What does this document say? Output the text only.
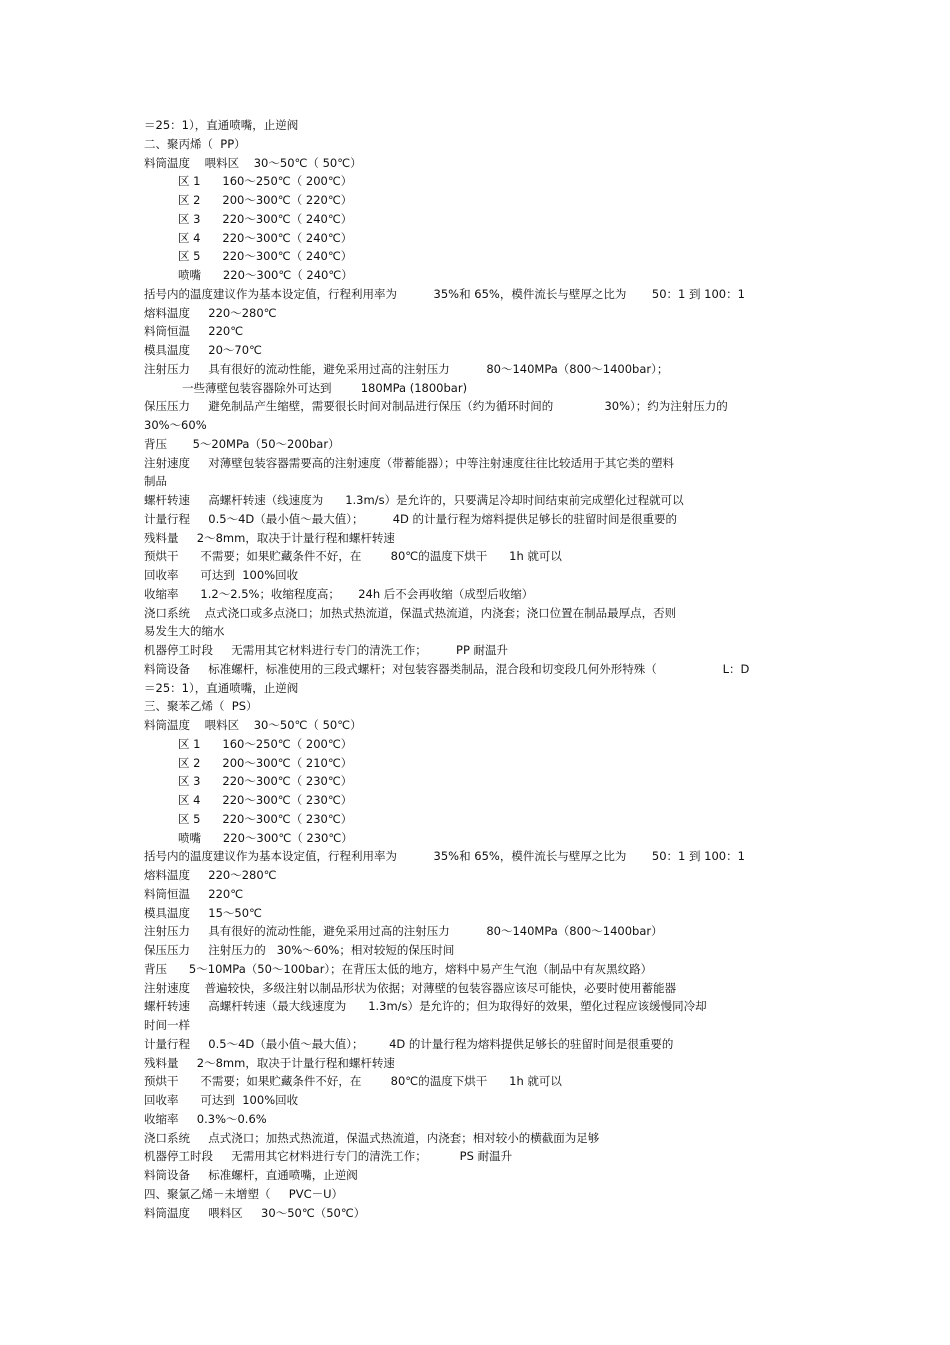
＝25：1），直通喷嘴，止逆阀

二、聚丙烯（  PP）

料筒温度    喂料区    30～50℃（ 50℃）

区 1      160～250℃（ 200℃）

区 2      200～300℃（ 220℃）

区 3      220～300℃（ 240℃）

区 4      220～300℃（ 240℃）

区 5      220～300℃（ 240℃）

喷嘴      220～300℃（ 240℃）

括号内的温度建议作为基本设定值，行程利用率为          35%和 65%，模件流长与壁厚之比为       50：1 到 100：1

熔料温度     220～280℃

料筒恒温     220℃

模具温度     20～70℃

注射压力     具有很好的流动性能，避免采用过高的注射压力          80～140MPa（800～1400bar）；

一些薄壁包装容器除外可达到        180MPa (1800bar)

保压压力     避免制品产生缩壁，需要很长时间对制品进行保压（约为循环时间的              30%）；约为注射压力的

30%～60%

背压       5～20MPa（50～200bar）

注射速度     对薄壁包装容器需要高的注射速度（带蓄能器）；中等注射速度往往比较适用于其它类的塑料

制品

螺杆转速     高螺杆转速（线速度为      1.3m/s）是允许的，只要满足冷却时间结束前完成塑化过程就可以

计量行程     0.5～4D（最小值～最大值）；        4D 的计量行程为熔料提供足够长的驻留时间是很重要的

残料量     2～8mm，取决于计量行程和螺杆转速

预烘干      不需要；如果贮藏条件不好，在        80℃的温度下烘干      1h 就可以

回收率      可达到  100%回收

收缩率      1.2～2.5%；收缩程度高；     24h 后不会再收缩（成型后收缩）

浇口系统    点式浇口或多点浇口；加热式热流道，保温式热流道，内浇套；浇口位置在制品最厚点，否则

易发生大的缩水

机器停工时段     无需用其它材料进行专门的清洗工作；        PP 耐温升

料筒设备     标准螺杆，标准使用的三段式螺杆；对包装容器类制品，混合段和切变段几何外形特殊（                  L：D

＝25：1），直通喷嘴，止逆阀

三、聚苯乙烯（  PS）

料筒温度    喂料区    30～50℃（ 50℃）

区 1      160～250℃（ 200℃）

区 2      200～300℃（ 210℃）

区 3      220～300℃（ 230℃）

区 4      220～300℃（ 230℃）

区 5      220～300℃（ 230℃）

喷嘴      220～300℃（ 230℃）

括号内的温度建议作为基本设定值，行程利用率为          35%和 65%，模件流长与壁厚之比为       50：1 到 100：1

熔料温度     220～280℃

料筒恒温     220℃

模具温度     15～50℃

注射压力     具有很好的流动性能，避免采用过高的注射压力          80～140MPa（800～1400bar）

保压压力     注射压力的   30%～60%；相对较短的保压时间

背压      5～10MPa（50～100bar）；在背压太低的地方，熔料中易产生气泡（制品中有灰黑纹路）

注射速度    普遍较快，多级注射以制品形状为依据；对薄壁的包装容器应该尽可能快，必要时使用蓄能器

螺杆转速     高螺杆转速（最大线速度为      1.3m/s）是允许的；但为取得好的效果，塑化过程应该缓慢同冷却

时间一样

计量行程     0.5～4D（最小值～最大值）；       4D 的计量行程为熔料提供足够长的驻留时间是很重要的

残料量     2～8mm，取决于计量行程和螺杆转速

预烘干      不需要；如果贮藏条件不好，在        80℃的温度下烘干      1h 就可以

回收率      可达到  100%回收

收缩率     0.3%～0.6%

浇口系统     点式浇口；加热式热流道，保温式热流道，内浇套；相对较小的横截面为足够

机器停工时段     无需用其它材料进行专门的清洗工作；         PS 耐温升

料筒设备     标准螺杆，直通喷嘴，止逆阀

四、聚氯乙烯－未增塑（     PVC－U）

料筒温度     喂料区     30～50℃（50℃）
